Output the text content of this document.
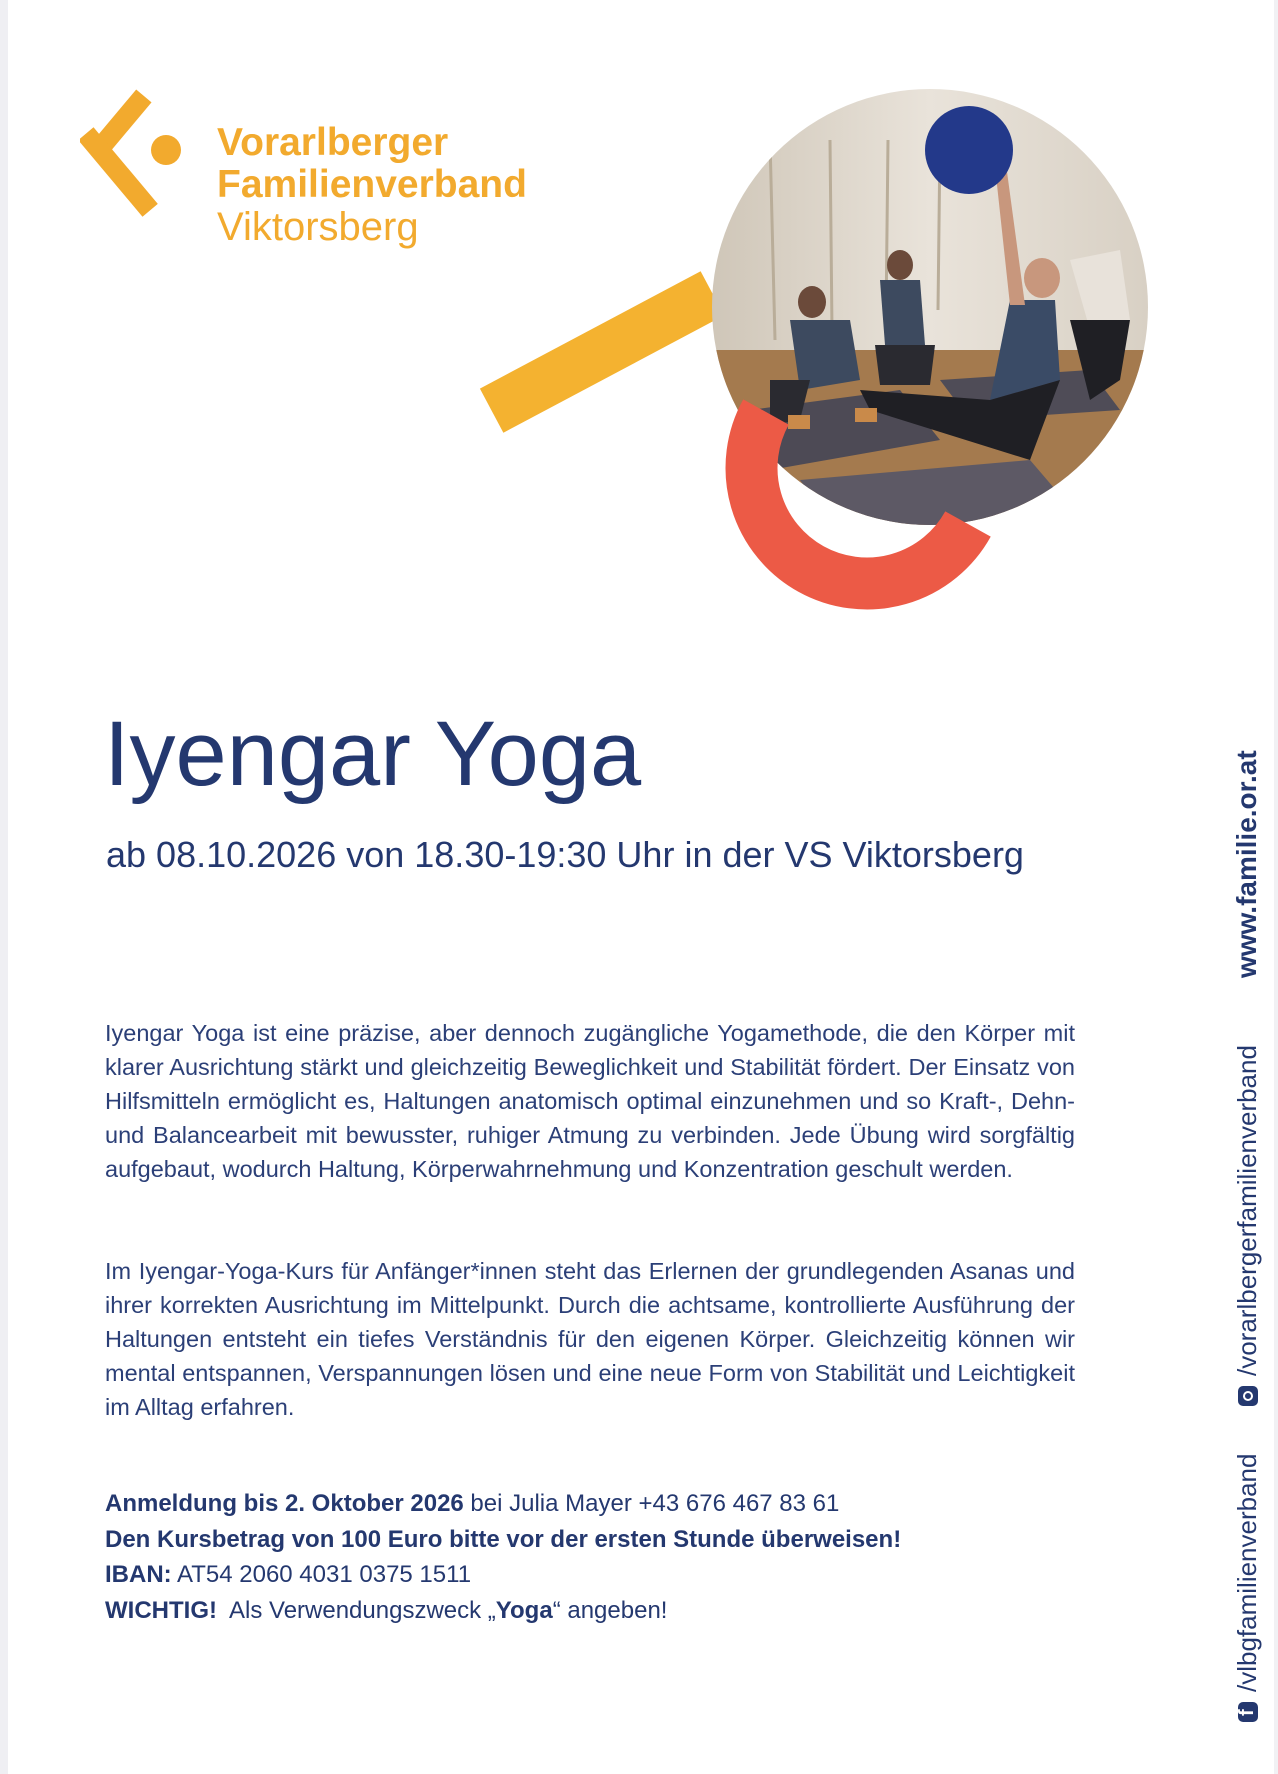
Vorarlberger
Familienverband
Viktorsberg
Iyengar Yoga
ab 08.10.2026 von 18.30-19:30 Uhr in der VS Viktorsberg
Iyengar Yoga ist eine präzise, aber dennoch zugängliche Yogamethode, die den Körper mit klarer Ausrichtung stärkt und gleichzeitig Beweglichkeit und Stabilität fördert. Der Einsatz von Hilfsmitteln ermöglicht es, Haltungen anatomisch optimal einzunehmen und so Kraft-, Dehn- und Balancearbeit mit bewusster, ruhiger Atmung zu verbinden. Jede Übung wird sorgfältig aufgebaut, wodurch Haltung, Körperwahrnehmung und Konzentration geschult werden.
Im Iyengar-Yoga-Kurs für Anfänger*innen steht das Erlernen der grundlegenden Asanas und ihrer korrekten Ausrichtung im Mittelpunkt. Durch die achtsame, kontrollierte Ausführung der Haltungen entsteht ein tiefes Verständnis für den eigenen Körper. Gleichzeitig können wir mental entspannen, Verspannungen lösen und eine neue Form von Stabilität und Leichtigkeit im Alltag erfahren.
Anmeldung bis 2. Oktober 2026 bei Julia Mayer +43 676 467 83 61
Den Kursbetrag von 100 Euro bitte vor der ersten Stunde überweisen!
IBAN: AT54 2060 4031 0375 1511
WICHTIG!  Als Verwendungszweck „Yoga“ angeben!
www.familie.or.at
/vorarlbergerfamilienverband
f/vlbgfamilienverband
